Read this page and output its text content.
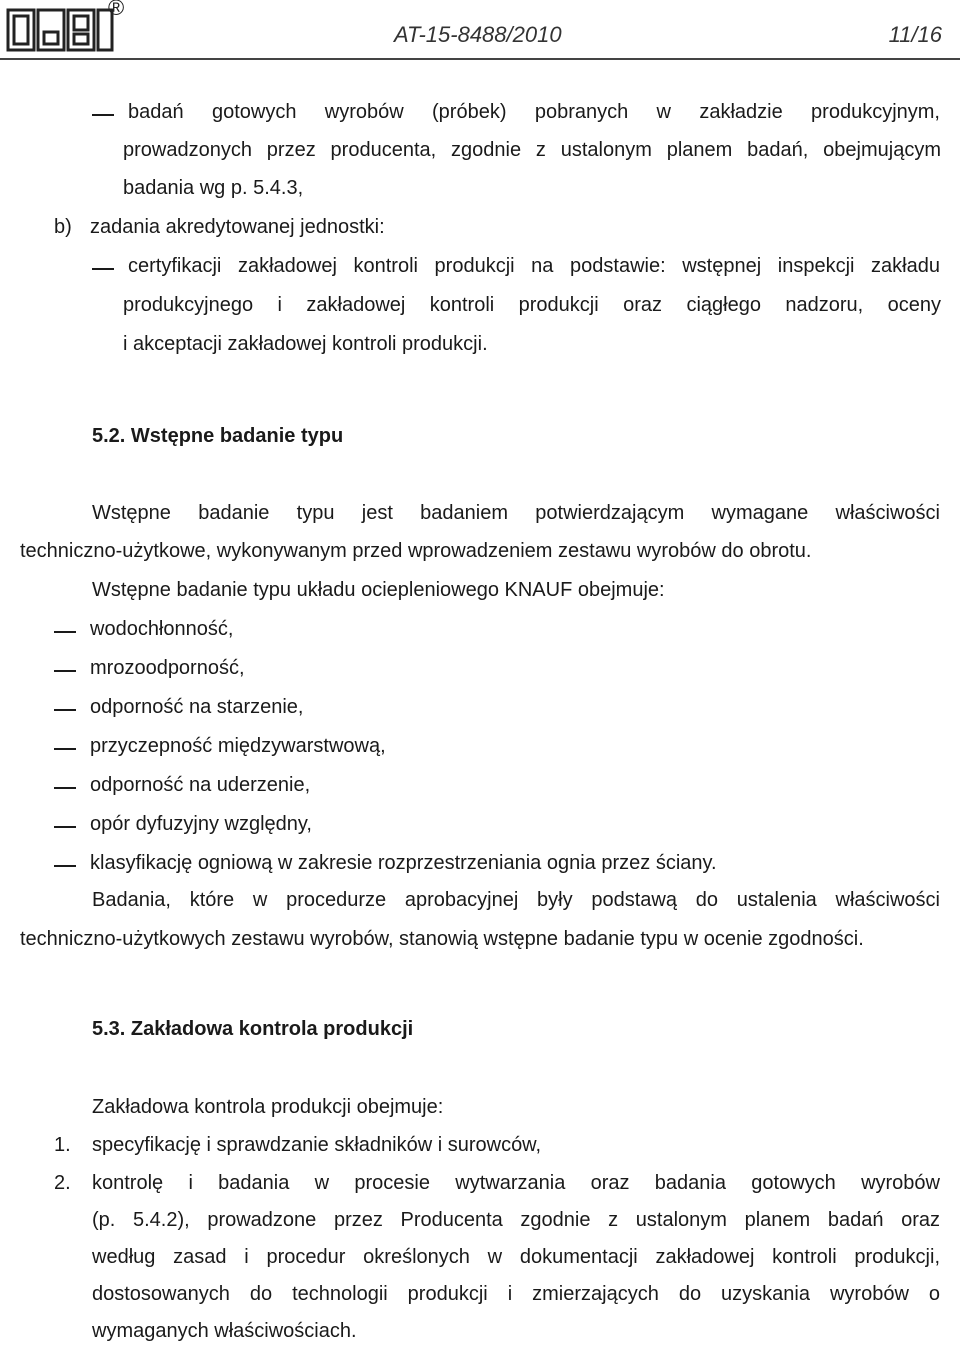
®
AT-15-8488/2010	11/16
badań gotowych wyrobów (próbek) pobranych w zakładzie produkcyjnym,
prowadzonych przez producenta, zgodnie z ustalonym planem badań, obejmującym
badania wg p. 5.4.3,
b) zadania akredytowanej jednostki:
certyfikacji zakładowej kontroli produkcji na podstawie: wstępnej inspekcji zakładu
produkcyjnego i zakładowej kontroli produkcji oraz ciągłego nadzoru, oceny
i akceptacji zakładowej kontroli produkcji.
5.2. Wstępne badanie typu
Wstępne badanie typu jest badaniem potwierdzającym wymagane właściwości
techniczno-użytkowe, wykonywanym przed wprowadzeniem zestawu wyrobów do obrotu.
Wstępne badanie typu układu ociepleniowego KNAUF obejmuje:
wodochłonność,
mrozoodporność,
odporność na starzenie,
przyczepność międzywarstwową,
odporność na uderzenie,
opór dyfuzyjny względny,
klasyfikację ogniową w zakresie rozprzestrzeniania ognia przez ściany.
Badania, które w procedurze aprobacyjnej były podstawą do ustalenia właściwości
techniczno-użytkowych zestawu wyrobów, stanowią wstępne badanie typu w ocenie zgodności.
5.3. Zakładowa kontrola produkcji
Zakładowa kontrola produkcji obejmuje:
1. specyfikację i sprawdzanie składników i surowców,
2. kontrolę i badania w procesie wytwarzania oraz badania gotowych wyrobów
(p. 5.4.2), prowadzone przez Producenta zgodnie z ustalonym planem badań oraz
według zasad i procedur określonych w dokumentacji zakładowej kontroli produkcji,
dostosowanych do technologii produkcji i zmierzających do uzyskania wyrobów o
wymaganych właściwościach.
